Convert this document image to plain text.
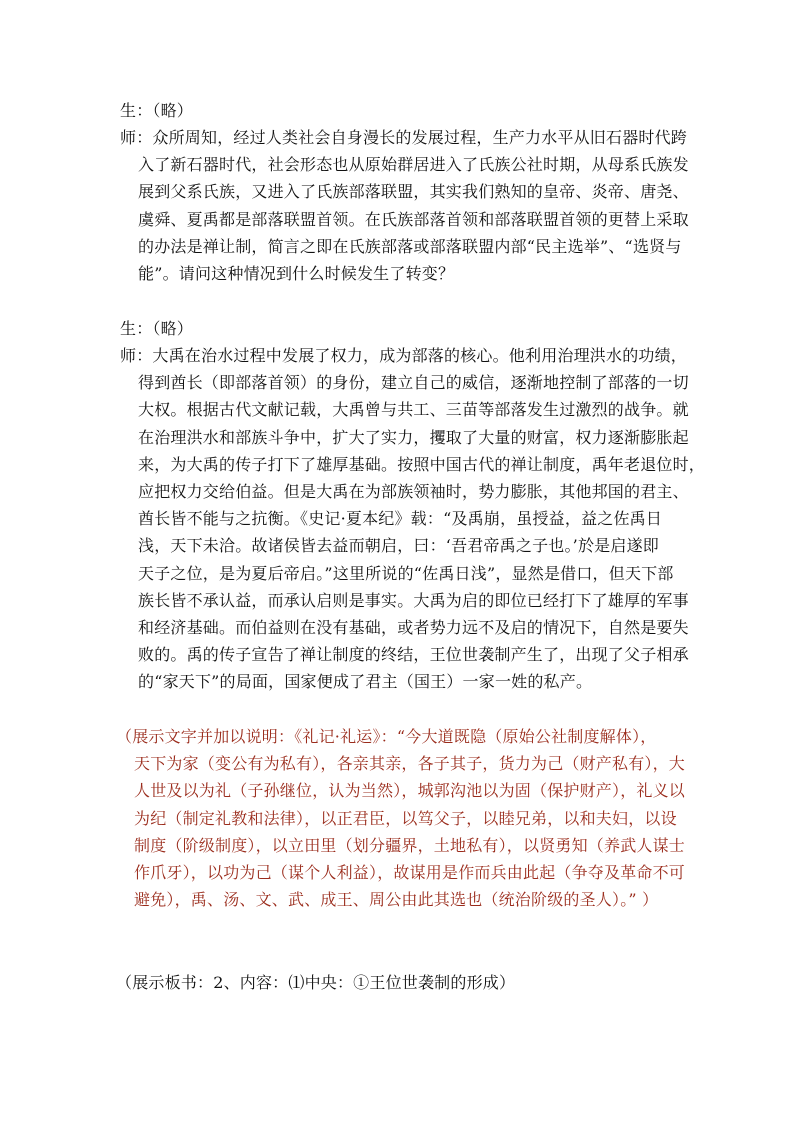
生：（略）
师：众所周知，经过人类社会自身漫长的发展过程，生产力水平从旧石器时代跨
入了新石器时代，社会形态也从原始群居进入了氏族公社时期，从母系氏族发
展到父系氏族，又进入了氏族部落联盟，其实我们熟知的皇帝、炎帝、唐尧、
虞舜、夏禹都是部落联盟首领。在氏族部落首领和部落联盟首领的更替上采取
的办法是禅让制，简言之即在氏族部落或部落联盟内部“民主选举”、“选贤与
能”。请问这种情况到什么时候发生了转变？
生：（略）
师：大禹在治水过程中发展了权力，成为部落的核心。他利用治理洪水的功绩，
得到酋长（即部落首领）的身份，建立自己的威信，逐渐地控制了部落的一切
大权。根据古代文献记载，大禹曾与共工、三苗等部落发生过激烈的战争。就
在治理洪水和部族斗争中，扩大了实力，攫取了大量的财富，权力逐渐膨胀起
来，为大禹的传子打下了雄厚基础。按照中国古代的禅让制度，禹年老退位时，
应把权力交给伯益。但是大禹在为部族领袖时，势力膨胀，其他邦国的君主、
酋长皆不能与之抗衡。《史记·夏本纪》载：“及禹崩，虽授益，益之佐禹日
浅，天下未洽。故诸侯皆去益而朝启，曰：‘吾君帝禹之子也。’於是启遂即
天子之位，是为夏后帝启。”这里所说的“佐禹日浅”，显然是借口，但天下部
族长皆不承认益，而承认启则是事实。大禹为启的即位已经打下了雄厚的军事
和经济基础。而伯益则在没有基础，或者势力远不及启的情况下，自然是要失
败的。禹的传子宣告了禅让制度的终结，王位世袭制产生了，出现了父子相承
的“家天下”的局面，国家便成了君主（国王）一家一姓的私产。
（展示文字并加以说明：《礼记·礼运》：“今大道既隐（原始公社制度解体），
天下为家（变公有为私有），各亲其亲，各子其子，货力为己（财产私有），大
人世及以为礼（子孙继位，认为当然），城郭沟池以为固（保护财产），礼义以
为纪（制定礼教和法律），以正君臣，以笃父子，以睦兄弟，以和夫妇，以设
制度（阶级制度），以立田里（划分疆界，土地私有），以贤勇知（养武人谋士
作爪牙），以功为己（谋个人利益），故谋用是作而兵由此起（争夺及革命不可
避免），禹、汤、文、武、成王、周公由此其选也（统治阶级的圣人）。” ）
（展示板书：2、内容：⑴中央：①王位世袭制的形成）
